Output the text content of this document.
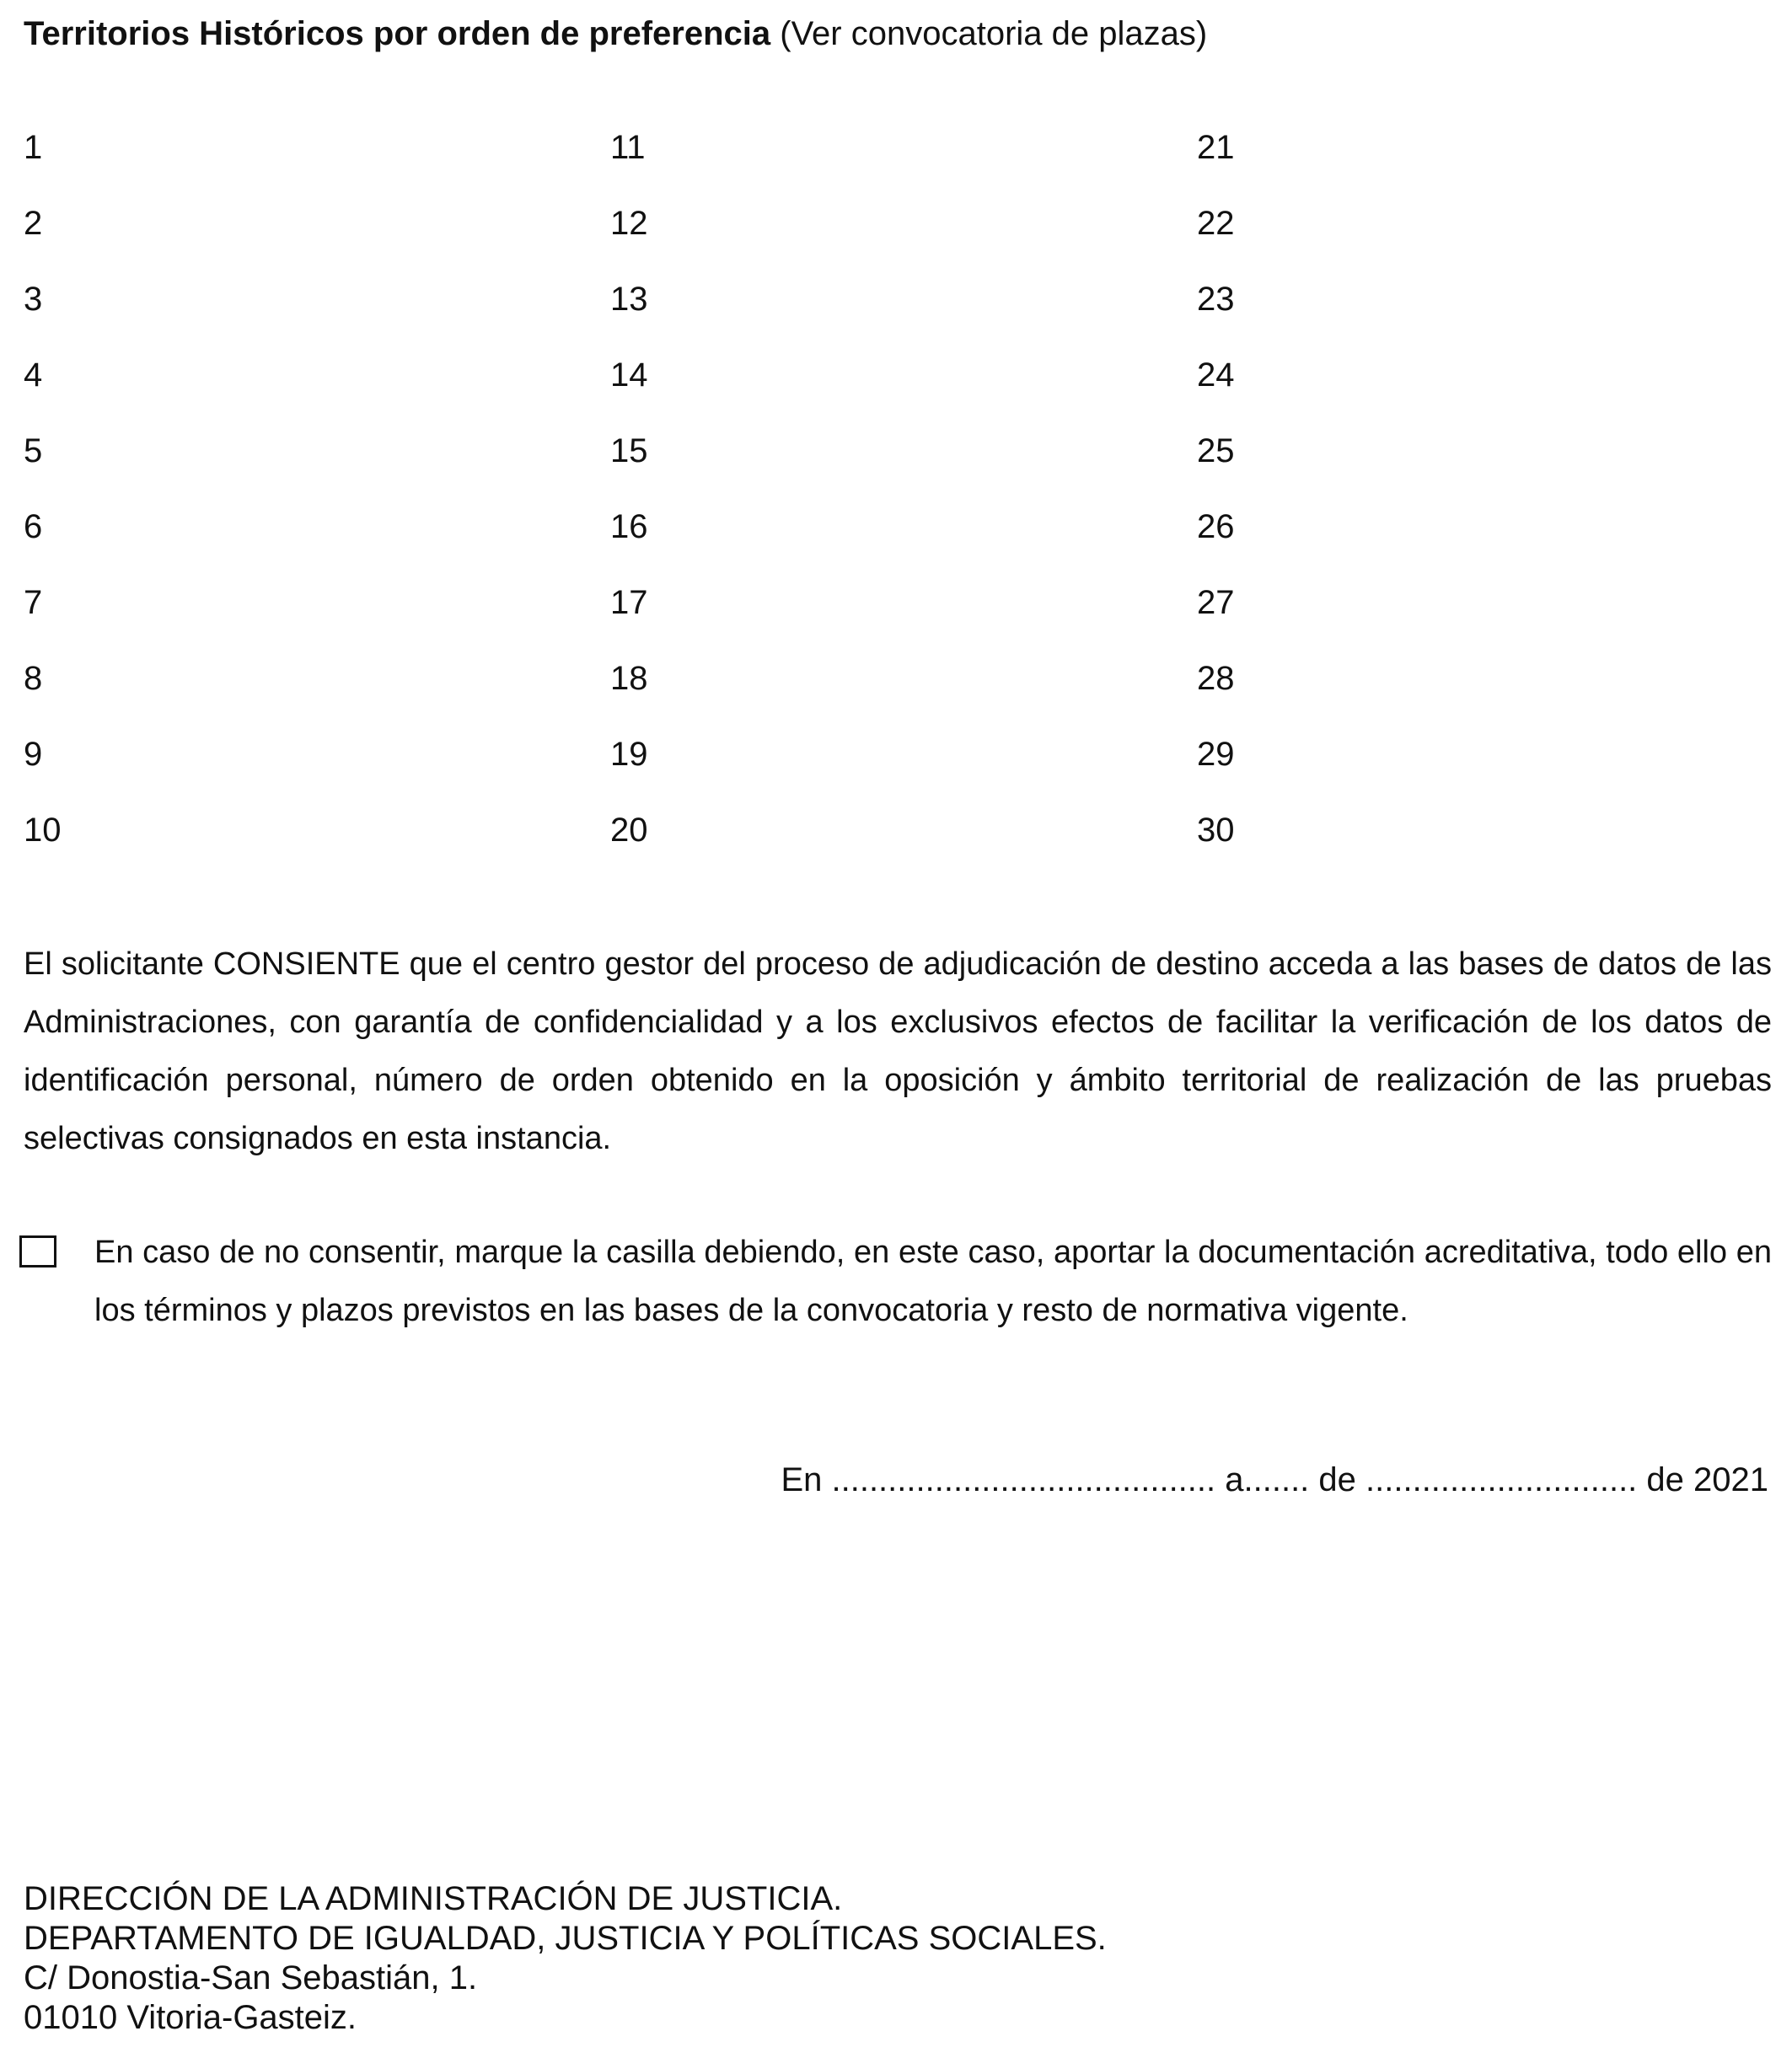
Territorios Históricos por orden de preferencia (Ver convocatoria de plazas)
1
2
3
4
5
6
7
8
9
10
11
12
13
14
15
16
17
18
19
20
21
22
23
24
25
26
27
28
29
30

El solicitante CONSIENTE que el centro gestor del proceso de adjudicación de destino acceda a las bases de datos de las Administraciones, con garantía de confidencialidad y a los exclusivos efectos de facilitar la verificación de los datos de identificación personal, número de orden obtenido en la oposición y ámbito territorial de realización de las pruebas selectivas consignados en esta instancia.

En caso de no consentir, marque la casilla debiendo, en este caso, aportar la documentación acreditativa, todo ello en los términos y plazos previstos en las bases de la convocatoria y resto de normativa vigente.

En ......................................... a....... de ............................. de 2021
DIRECCIÓN DE LA ADMINISTRACIÓN DE JUSTICIA.
DEPARTAMENTO DE IGUALDAD, JUSTICIA Y POLÍTICAS SOCIALES.
C/ Donostia-San Sebastián, 1.
01010 Vitoria-Gasteiz.
